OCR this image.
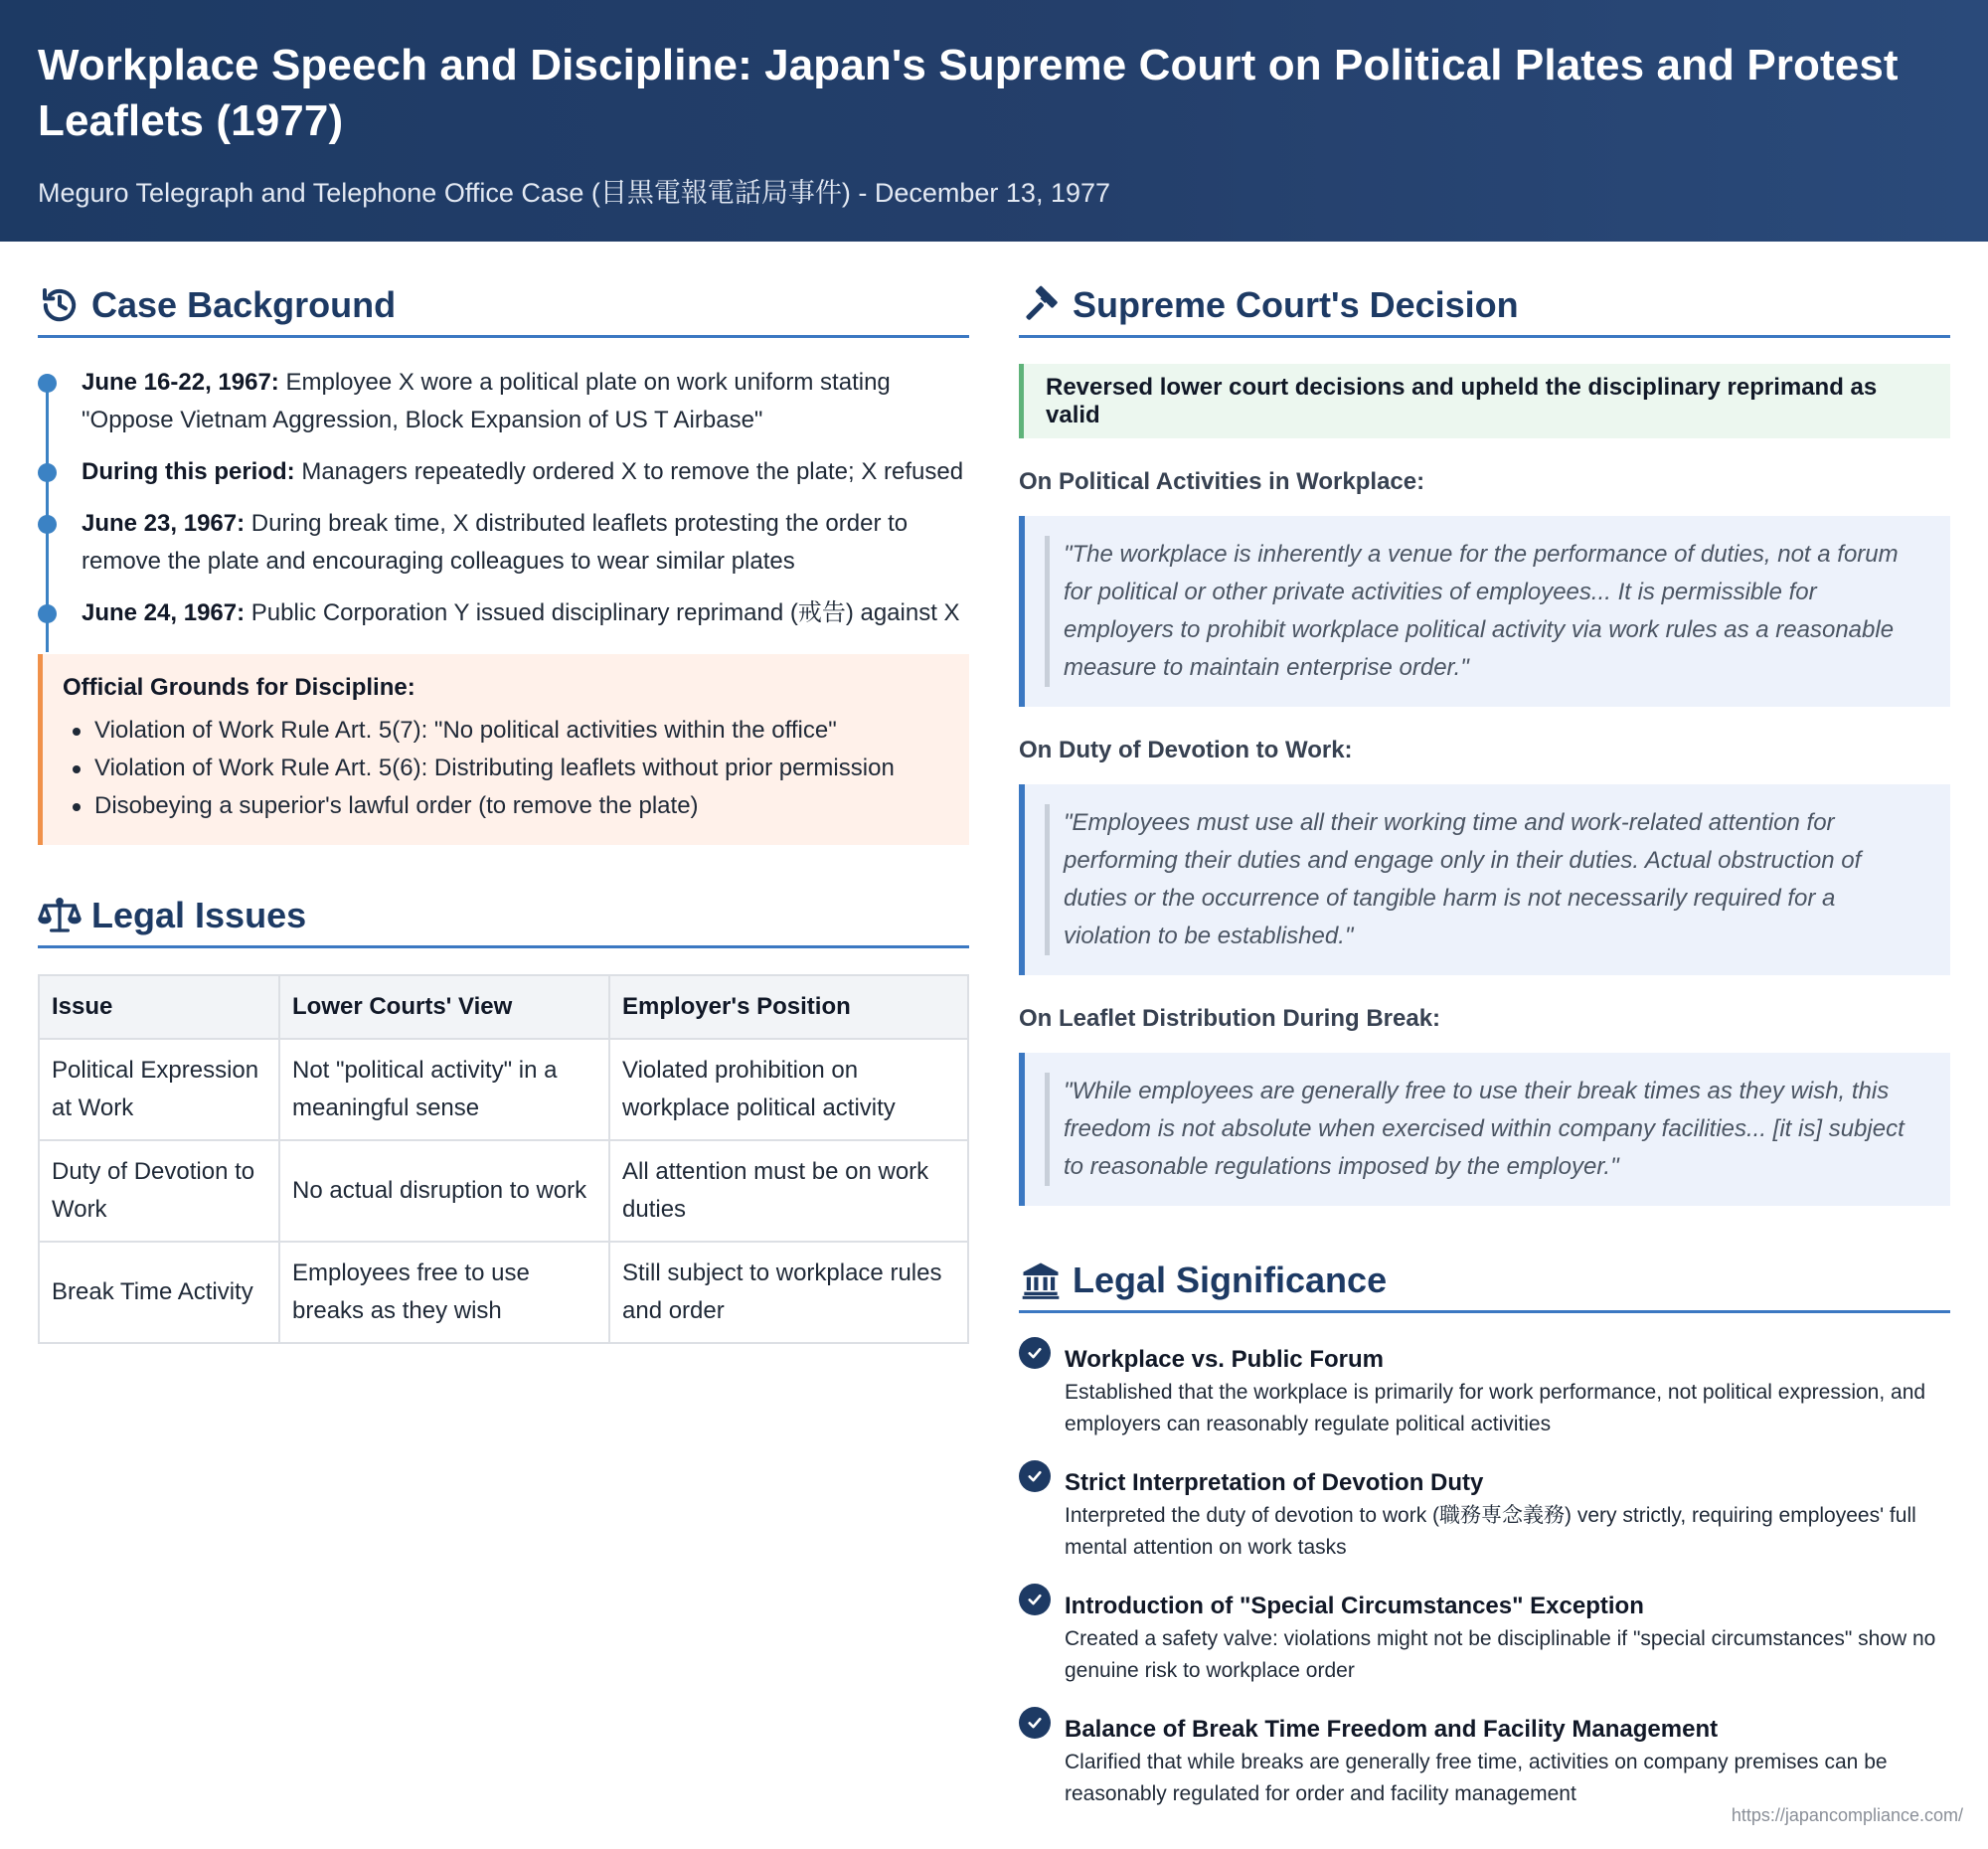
Workplace Speech and Discipline: Japan's Supreme Court on Political Plates and Protest Leaflets (1977)
Meguro Telegraph and Telephone Office Case (目黒電報電話局事件) - December 13, 1977
Case Background
June 16-22, 1967: Employee X wore a political plate on work uniform stating "Oppose Vietnam Aggression, Block Expansion of US T Airbase"
During this period: Managers repeatedly ordered X to remove the plate; X refused
June 23, 1967: During break time, X distributed leaflets protesting the order to remove the plate and encouraging colleagues to wear similar plates
June 24, 1967: Public Corporation Y issued disciplinary reprimand (戒告) against X
Official Grounds for Discipline:
Violation of Work Rule Art. 5(7): "No political activities within the office"
Violation of Work Rule Art. 5(6): Distributing leaflets without prior permission
Disobeying a superior's lawful order (to remove the plate)
Legal Issues
Issue	Lower Courts' View	Employer's Position
Political Expression at Work	Not "political activity" in a meaningful sense	Violated prohibition on workplace political activity
Duty of Devotion to Work	No actual disruption to work	All attention must be on work duties
Break Time Activity	Employees free to use breaks as they wish	Still subject to workplace rules and order
Supreme Court's Decision
Reversed lower court decisions and upheld the disciplinary reprimand as valid
On Political Activities in Workplace:
"The workplace is inherently a venue for the performance of duties, not a forum for political or other private activities of employees... It is permissible for employers to prohibit workplace political activity via work rules as a reasonable measure to maintain enterprise order."
On Duty of Devotion to Work:
"Employees must use all their working time and work-related attention for performing their duties and engage only in their duties. Actual obstruction of duties or the occurrence of tangible harm is not necessarily required for a violation to be established."
On Leaflet Distribution During Break:
"While employees are generally free to use their break times as they wish, this freedom is not absolute when exercised within company facilities... [it is] subject to reasonable regulations imposed by the employer."
Legal Significance
Workplace vs. Public Forum
Established that the workplace is primarily for work performance, not political expression, and employers can reasonably regulate political activities
Strict Interpretation of Devotion Duty
Interpreted the duty of devotion to work (職務専念義務) very strictly, requiring employees' full mental attention on work tasks
Introduction of "Special Circumstances" Exception
Created a safety valve: violations might not be disciplinable if "special circumstances" show no genuine risk to workplace order
Balance of Break Time Freedom and Facility Management
Clarified that while breaks are generally free time, activities on company premises can be reasonably regulated for order and facility management
https://japancompliance.com/
